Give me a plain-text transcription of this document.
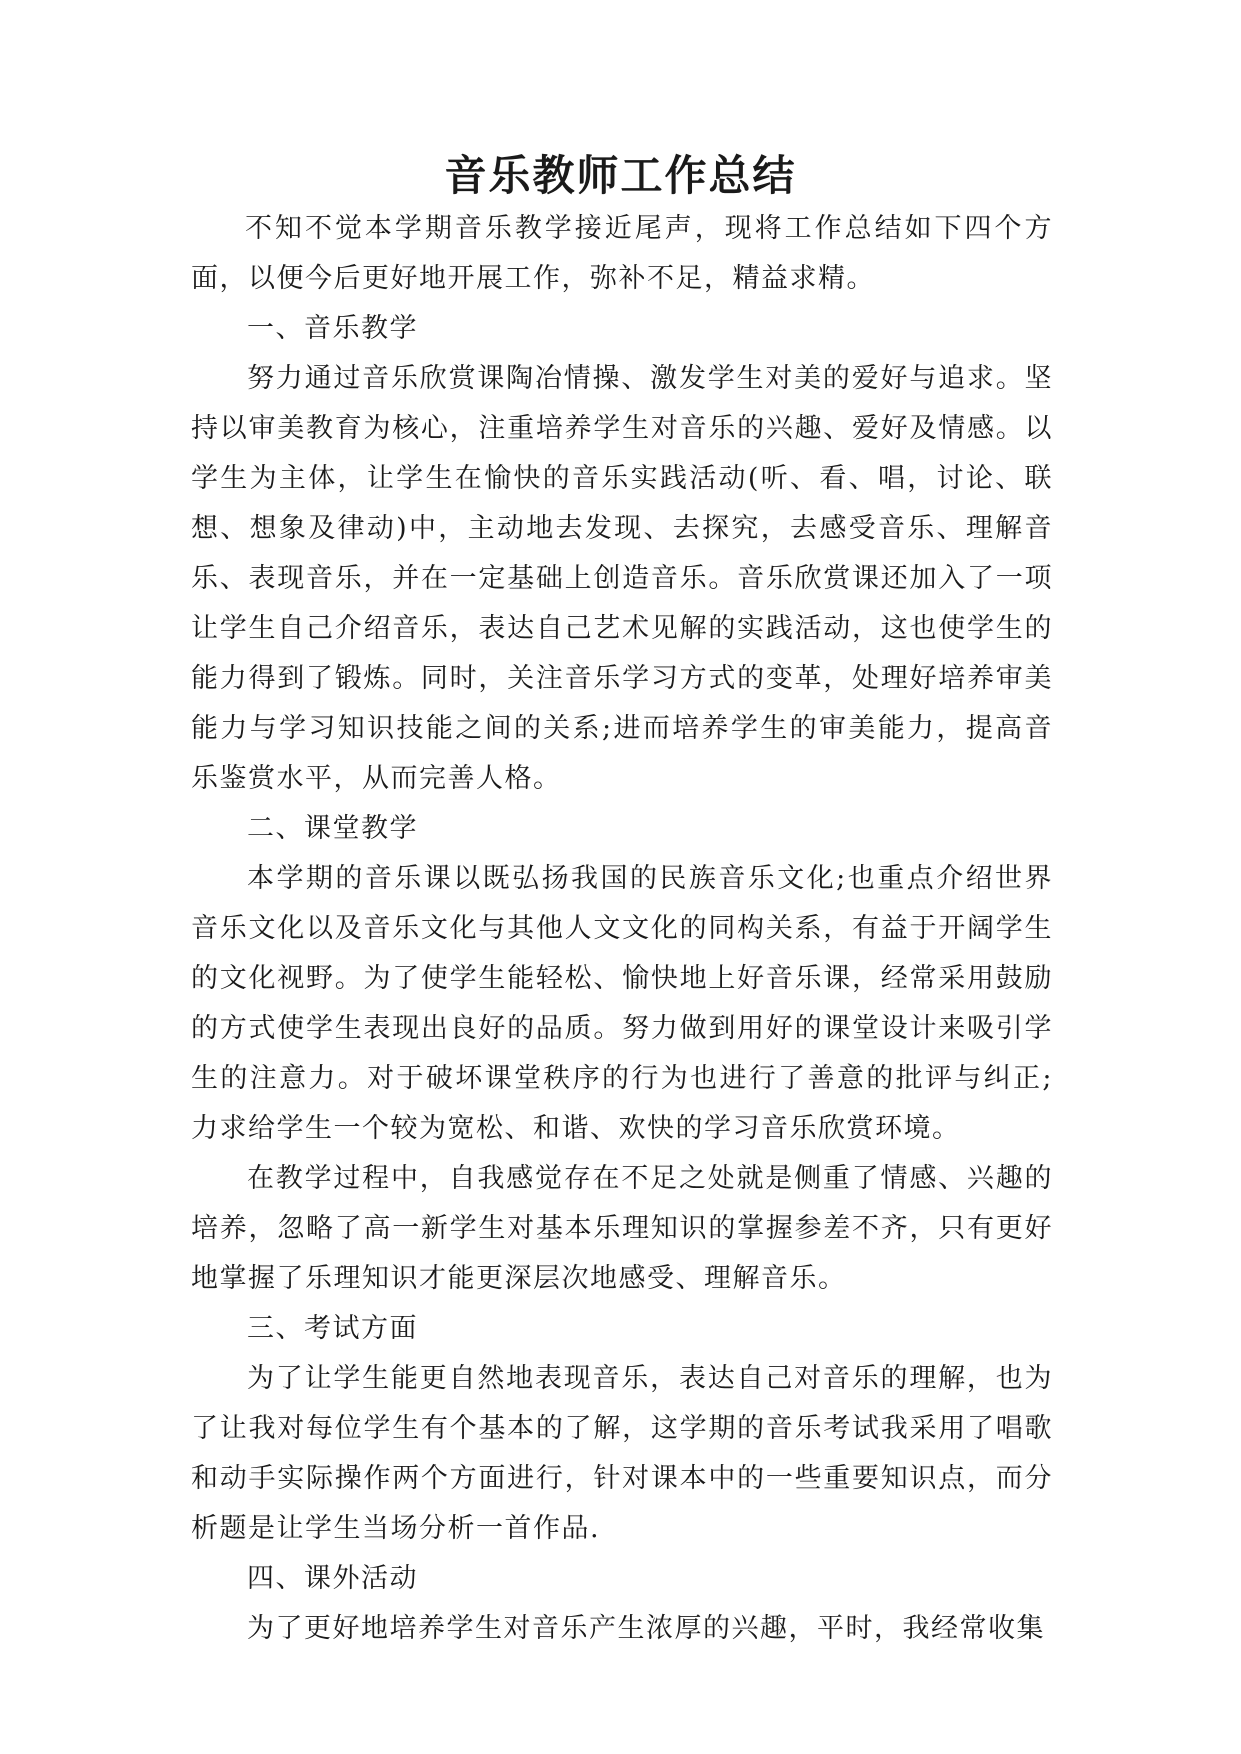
音乐教师工作总结

不知不觉本学期音乐教学接近尾声，现将工作总结如下四个方面，以便今后更好地开展工作，弥补不足，精益求精。

一、音乐教学

努力通过音乐欣赏课陶冶情操、激发学生对美的爱好与追求。坚持以审美教育为核心，注重培养学生对音乐的兴趣、爱好及情感。以学生为主体，让学生在愉快的音乐实践活动(听、看、唱，讨论、联想、想象及律动)中，主动地去发现、去探究，去感受音乐、理解音乐、表现音乐，并在一定基础上创造音乐。音乐欣赏课还加入了一项让学生自己介绍音乐，表达自己艺术见解的实践活动，这也使学生的能力得到了锻炼。同时，关注音乐学习方式的变革，处理好培养审美能力与学习知识技能之间的关系;进而培养学生的审美能力，提高音乐鉴赏水平，从而完善人格。

二、课堂教学

本学期的音乐课以既弘扬我国的民族音乐文化;也重点介绍世界音乐文化以及音乐文化与其他人文文化的同构关系，有益于开阔学生的文化视野。为了使学生能轻松、愉快地上好音乐课，经常采用鼓励的方式使学生表现出良好的品质。努力做到用好的课堂设计来吸引学生的注意力。对于破坏课堂秩序的行为也进行了善意的批评与纠正;力求给学生一个较为宽松、和谐、欢快的学习音乐欣赏环境。

在教学过程中，自我感觉存在不足之处就是侧重了情感、兴趣的培养，忽略了高一新学生对基本乐理知识的掌握参差不齐，只有更好地掌握了乐理知识才能更深层次地感受、理解音乐。

三、考试方面

为了让学生能更自然地表现音乐，表达自己对音乐的理解，也为了让我对每位学生有个基本的了解，这学期的音乐考试我采用了唱歌和动手实际操作两个方面进行，针对课本中的一些重要知识点，而分析题是让学生当场分析一首作品.

四、课外活动

为了更好地培养学生对音乐产生浓厚的兴趣，平时，我经常收集
